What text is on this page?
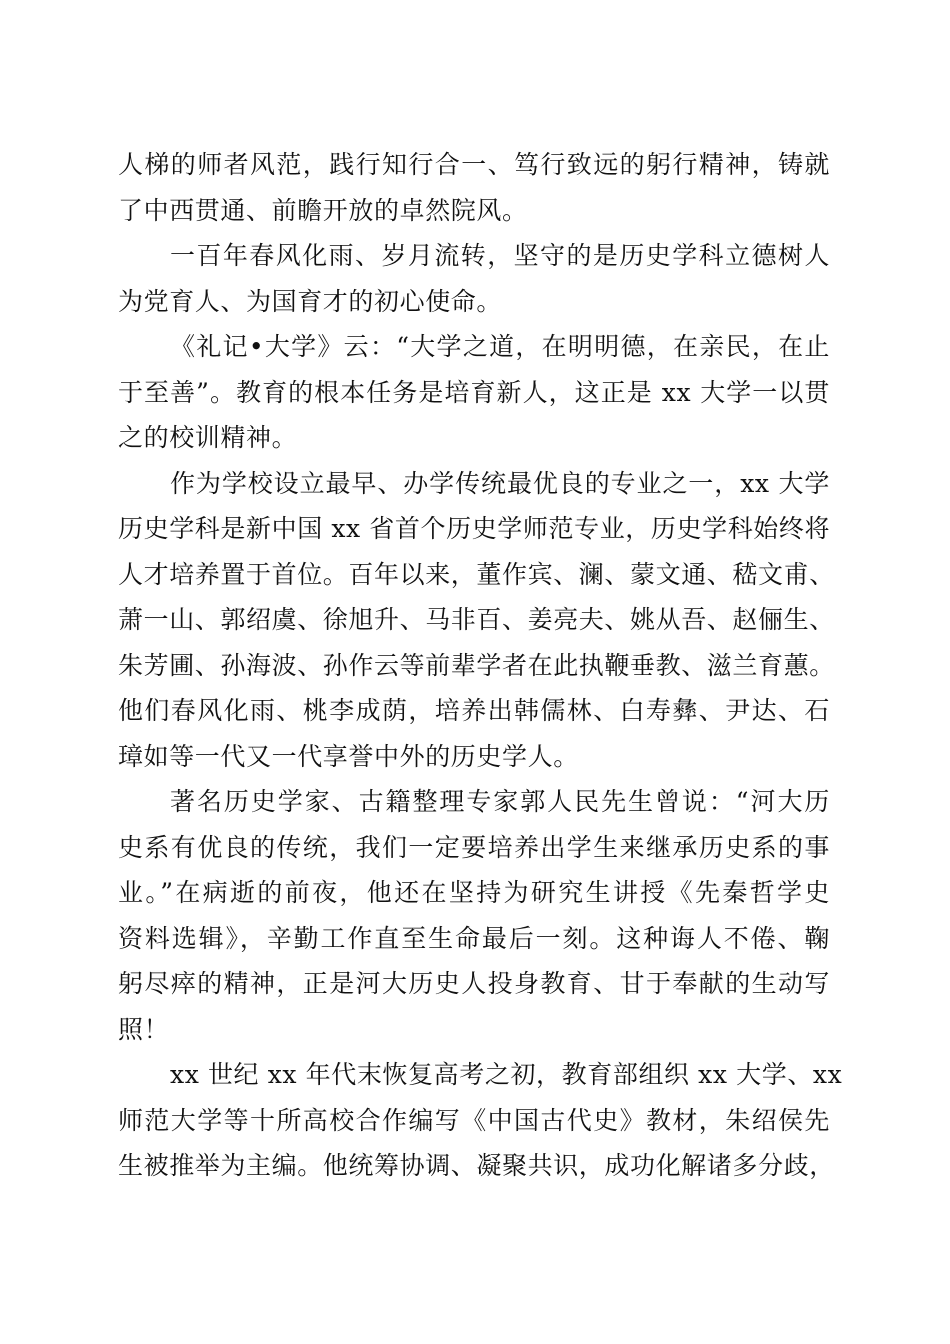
人梯的师者风范，践行知行合一、笃行致远的躬行精神，铸就
了中西贯通、前瞻开放的卓然院风。
一百年春风化雨、岁月流转，坚守的是历史学科立德树人
为党育人、为国育才的初心使命。
《礼记•大学》云：“大学之道，在明明德，在亲民，在止
于至善”。教育的根本任务是培育新人，这正是 xx 大学一以贯
之的校训精神。
作为学校设立最早、办学传统最优良的专业之一，xx 大学
历史学科是新中国 xx 省首个历史学师范专业，历史学科始终将
人才培养置于首位。百年以来，董作宾、澜、蒙文通、嵇文甫、
萧一山、郭绍虞、徐旭升、马非百、姜亮夫、姚从吾、赵俪生、
朱芳圃、孙海波、孙作云等前辈学者在此执鞭垂教、滋兰育蕙。
他们春风化雨、桃李成荫，培养出韩儒林、白寿彝、尹达、石
璋如等一代又一代享誉中外的历史学人。
著名历史学家、古籍整理专家郭人民先生曾说：“河大历
史系有优良的传统，我们一定要培养出学生来继承历史系的事
业。”在病逝的前夜，他还在坚持为研究生讲授《先秦哲学史
资料选辑》，辛勤工作直至生命最后一刻。这种诲人不倦、鞠
躬尽瘁的精神，正是河大历史人投身教育、甘于奉献的生动写
照！
xx 世纪 xx 年代末恢复高考之初，教育部组织 xx 大学、xx
师范大学等十所高校合作编写《中国古代史》教材，朱绍侯先
生被推举为主编。他统筹协调、凝聚共识，成功化解诸多分歧，
